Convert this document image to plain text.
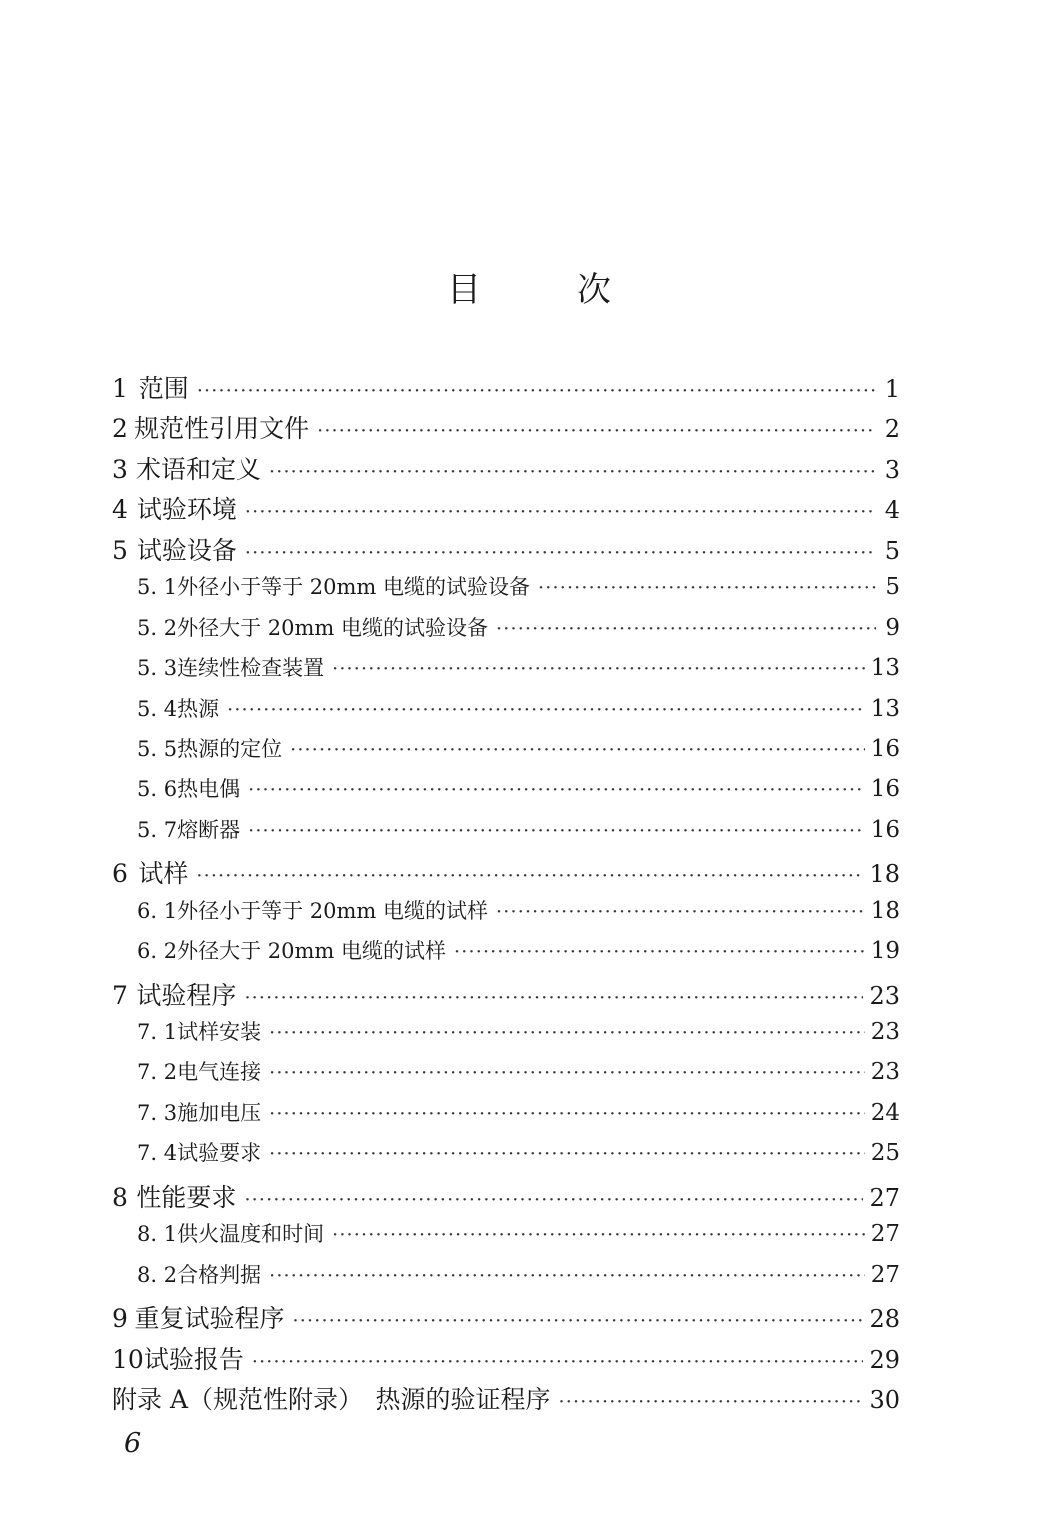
目	次
1 范围 ·····	1
2 规范性引用文件 ·····	2
3 术语和定义 ·····	3
4 试验环境 ·····	4
5 试验设备 ·····	5
5. 1 外径小于等于 20mm 电缆的试验设备 ·····	5
5. 2 外径大于 20mm 电缆的试验设备 ·····	9
5. 3 连续性检查装置 ·····	13
5. 4 热源 ·····	13
5. 5 热源的定位 ·····	16
5. 6 热电偶 ·····	16
5. 7 熔断器 ·····	16
6 试样 ·····	18
6. 1 外径小于等于 20mm 电缆的试样 ·····	18
6. 2 外径大于 20mm 电缆的试样 ·····	19
7 试验程序 ·····	23
7. 1 试样安装 ·····	23
7. 2 电气连接 ·····	23
7. 3 施加电压 ·····	24
7. 4 试验要求 ·····	25
8 性能要求 ·····	27
8. 1 供火温度和时间 ·····	27
8. 2 合格判据 ·····	27
9 重复试验程序 ·····	28
10 试验报告 ·····	29
附录 A （规范性附录）　热源的验证程序 ·····	30
6
